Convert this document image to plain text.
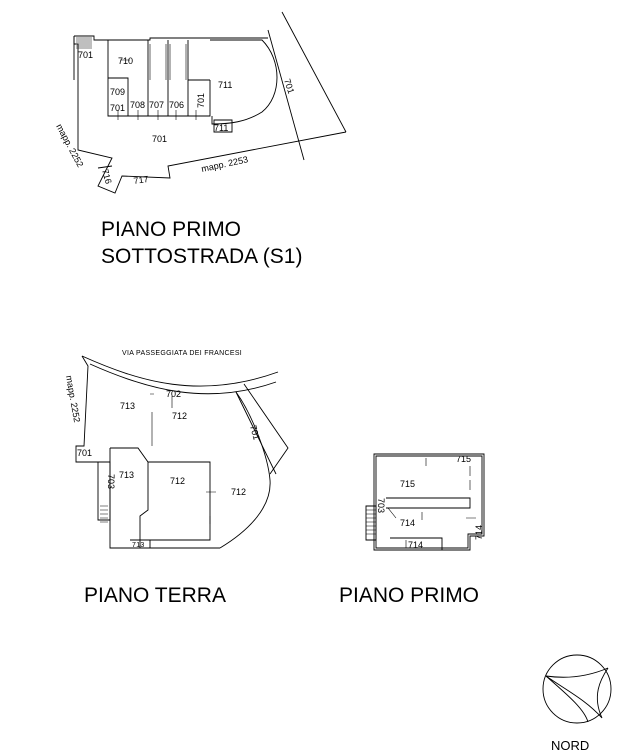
701
710
709
701 708 707 706 701
711
711
701
701
716 717
mapp. 2252	mapp. 2253
PIANO PRIMO
SOTTOSTRADA (S1)
VIA PASSEGGIATA DEI FRANCESI
mapp. 2252	702
713
712
701
701
703 713
712
712
713
PIANO TERRA
715
715
703
714
714
714
PIANO PRIMO
NORD
